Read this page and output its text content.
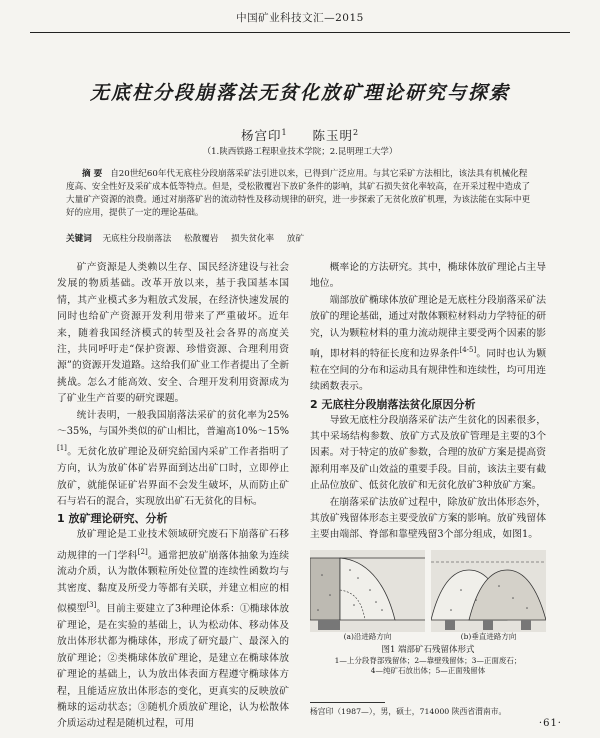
中国矿业科技文汇—2015
无底柱分段崩落法无贫化放矿理论研究与探索
杨宫印$^1$ 陈玉明$^2$
（1.陕西铁路工程职业技术学院；2.昆明理工大学）
摘 要 自20世纪60年代无底柱分段崩落采矿法引进以来，已得到广泛应用。与其它采矿方法相比，该法具有机械化程度高、安全性好及采矿成本低等特点。但是，受松散覆岩下放矿条件的影响，其矿石损失贫化率较高，在开采过程中造成了大量矿产资源的浪费。通过对崩落矿岩的流动特性及移动规律的研究，进一步探索了无贫化放矿机理，为该法能在实际中更好的应用，提供了一定的理论基础。
关键词 无底柱分段崩落法 松散覆岩 损失贫化率 放矿

矿产资源是人类赖以生存、国民经济建设与社会发展的物质基础。改革开放以来，基于我国基本国情，其产业模式多为粗放式发展，在经济快速发展的同时也给矿产资源开发利用带来了严重破坏。近年来，随着我国经济模式的转型及社会各界的高度关注，共同呼吁走“保护资源、珍惜资源、合理利用资源”的资源开发道路。这给我们矿业工作者提出了全新挑战。怎么才能高效、安全、合理开发利用资源成为了矿业生产首要的研究课题。

统计表明，一般我国崩落法采矿的贫化率为25%～35%，与国外类似的矿山相比，普遍高10%～15%[1]。无贫化放矿理论及研究給国内采矿工作者指明了方向，认为放矿体矿岩界面到达出矿口时，立即停止放矿，就能保证矿岩界面不会发生破坏，从而防止矿石与岩石的混合，实现放出矿石无贫化的目标。

1 放矿理论研究、分析

放矿理论是工业技术领域研究废石下崩落矿石移动规律的一门学科[2]。通常把放矿崩落体抽象为连续流动介质，认为散体颗粒所处位置的连续性函数均与其密度、黏度及所受力等都有关联，并建立相应的相似模型[3]。目前主要建立了3种理论体系：①椭球体放矿理论，是在实验的基础上，认为松动体、移动体及放出体形状都为椭球体，形成了研究最广、最深入的放矿理论；②类椭球体放矿理论，是建立在椭球体放矿理论的基础上，认为放出体表面方程遵守椭球体方程，且能适应放出体形态的变化，更真实的反映放矿椭球的运动状态；③随机介质放矿理论，认为松散体介质运动过程是随机过程，可用

概率论的方法研究。其中，椭球体放矿理论占主导地位。

端部放矿椭球体放矿理论是无底柱分段崩落采矿法放矿的理论基础，通过对散体颗粒材料动力学特征的研究，认为颗粒材料的重力流动规律主要受两个因素的影响，即材料的特征长度和边界条件[4-5]。同时也认为颗粒在空间的分布和运动具有规律性和连续性，均可用连续函数表示。

2 无底柱分段崩落法贫化原因分析

导致无底柱分段崩落采矿法产生贫化的因素很多，其中采场结构参数、放矿方式及放矿管理是主要的3个因素。对于特定的放矿参数，合理的放矿方案是提高资源利用率及矿山效益的重要手段。目前，该法主要有截止品位放矿、低贫化放矿和无贫化放矿3种放矿方案。

在崩落采矿法放矿过程中，除放矿放出体形态外，其放矿残留体形态主要受放矿方案的影响。放矿残留体主要由端部、脊部和靠壁残留3个部分组成，如图1。

(a)沿进路方向	(b)垂直进路方向
图1 端部矿石残留体形式
1—上分段脊部残留体；2—靠壁残留体；3—正面废石；
4—纯矿石放出体；5—正面残留体
杨宫印（1987—），男，硕士，714000 陕西省渭南市。
·61·
